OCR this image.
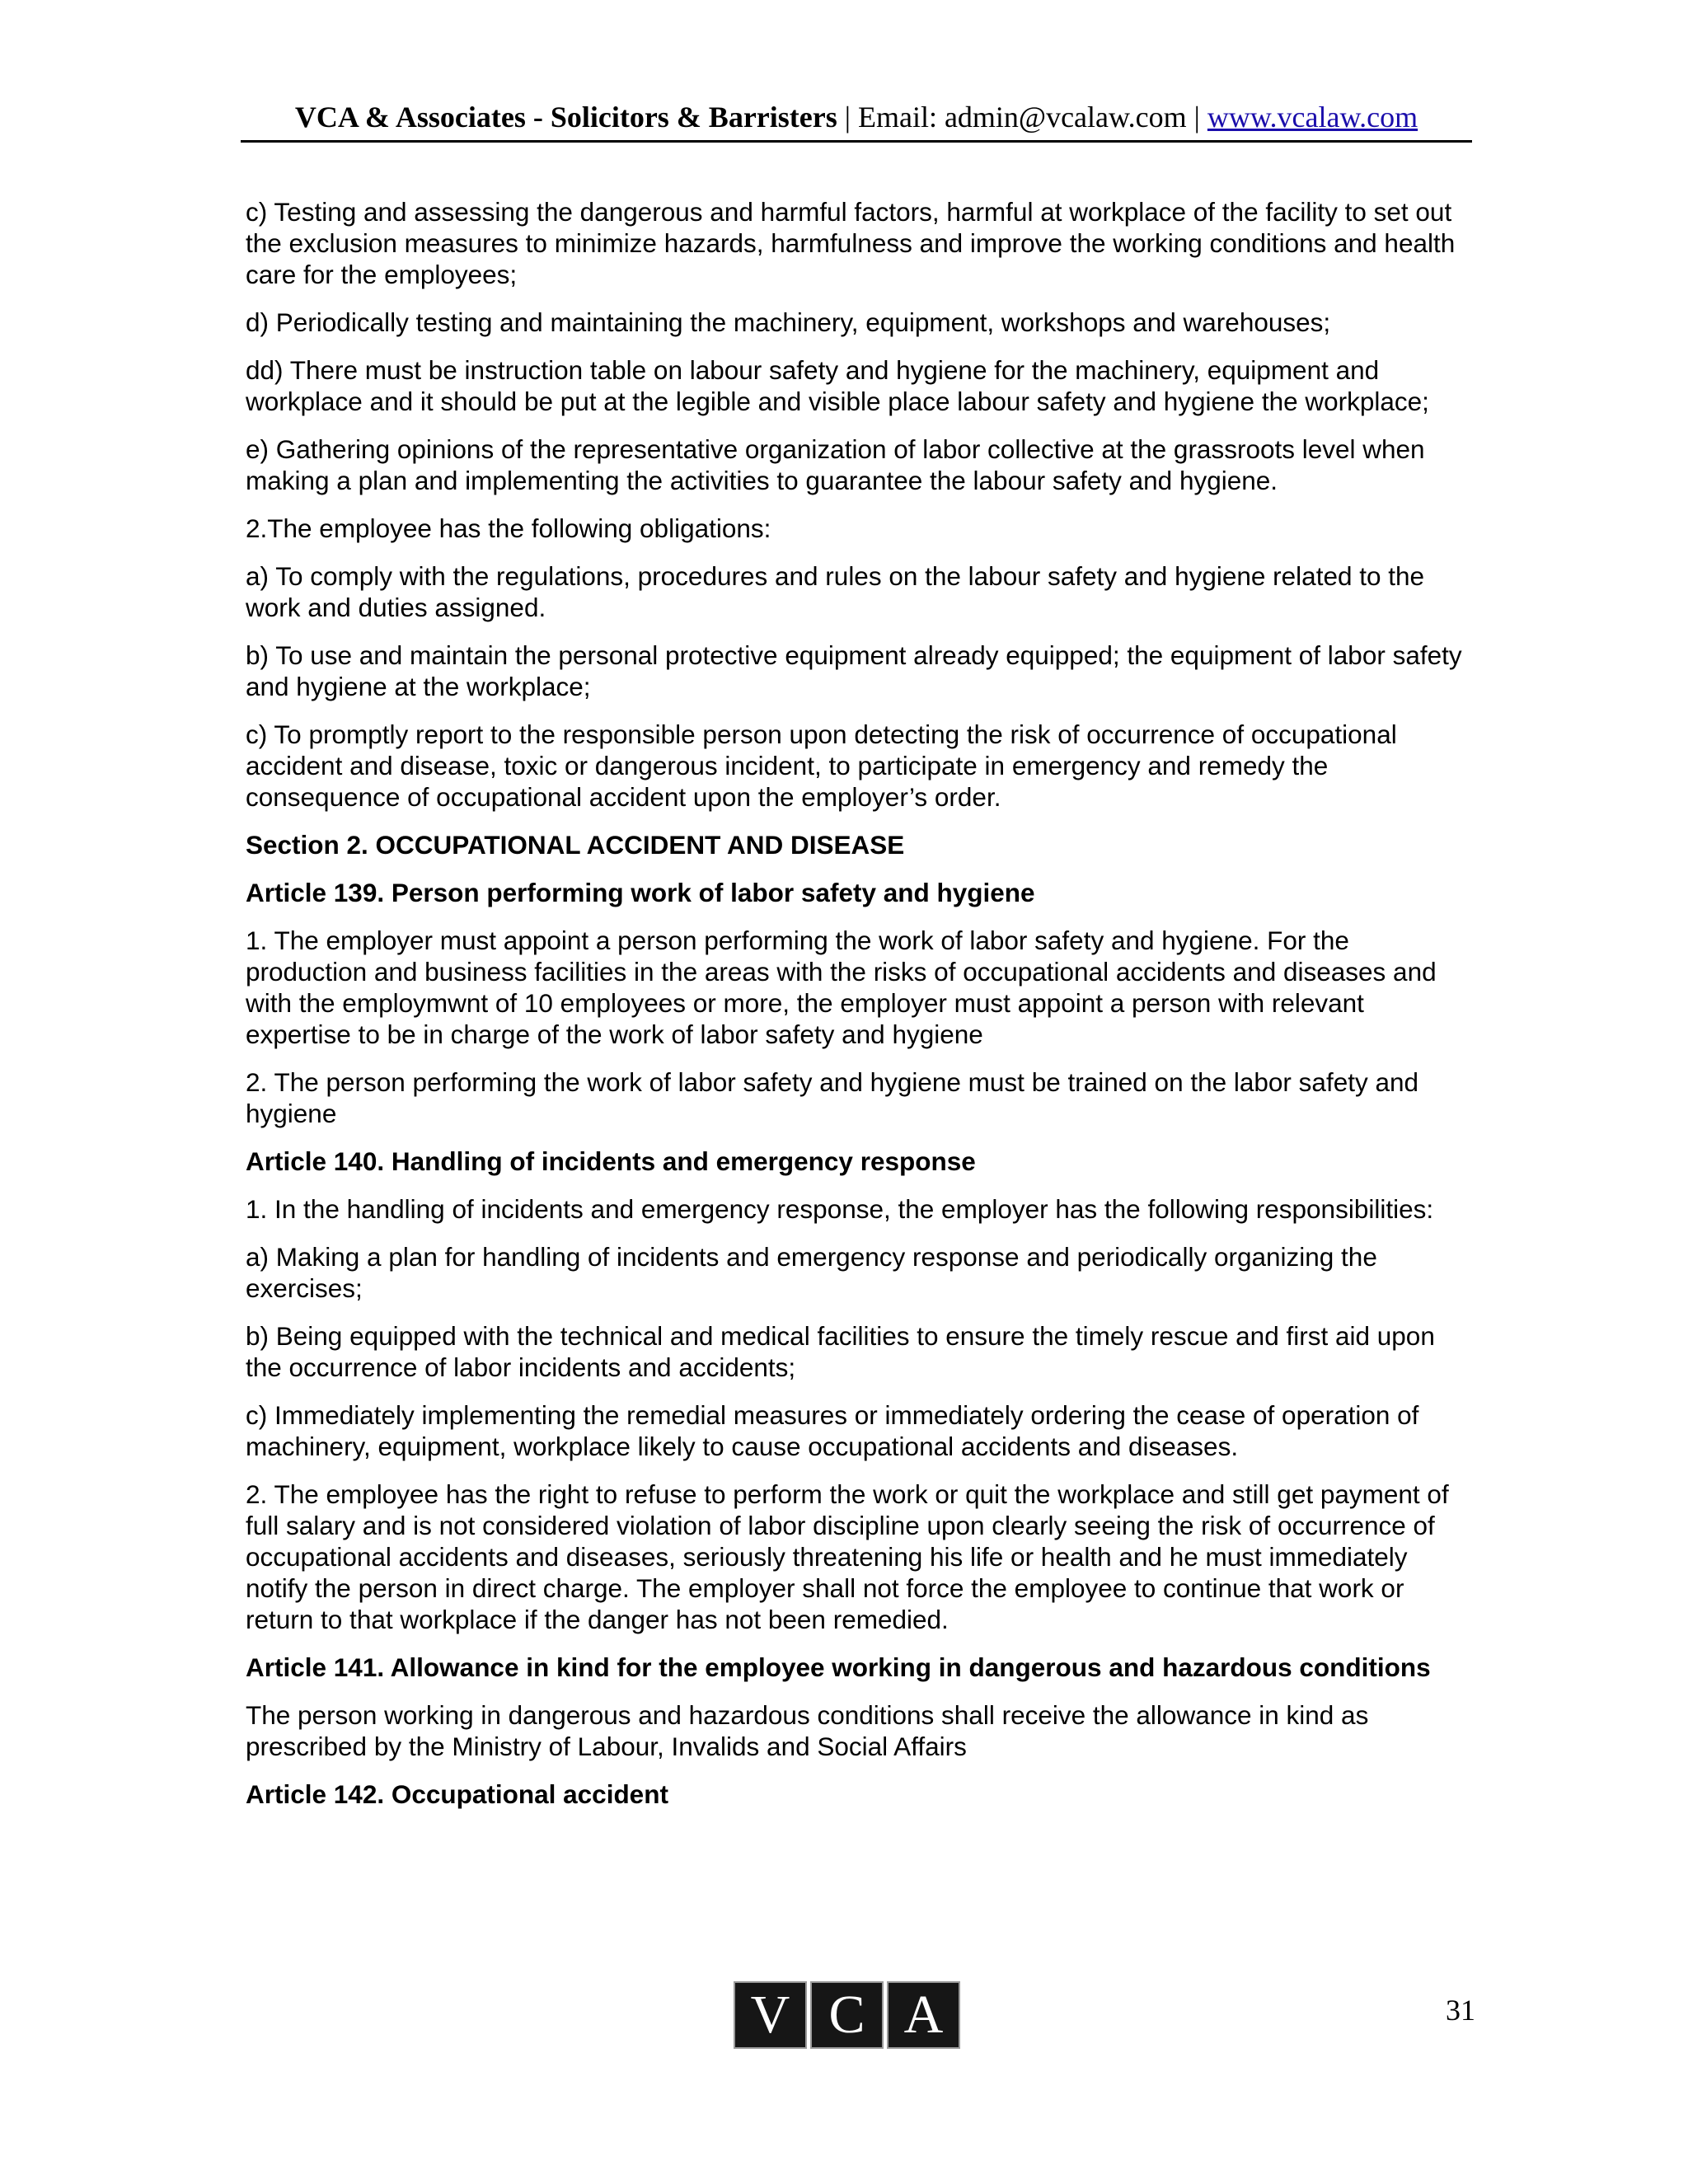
VCA & Associates - Solicitors & Barristers | Email: admin@vcalaw.com | www.vcalaw.com

c) Testing and assessing the dangerous and harmful factors, harmful at workplace of the facility to set out the exclusion measures to minimize hazards, harmfulness and improve the working conditions and health care for the employees;

d) Periodically testing and maintaining the machinery, equipment, workshops and warehouses;

dd) There must be instruction table on labour safety and hygiene for the machinery, equipment and workplace and it should be put at the legible and visible place labour safety and hygiene the workplace;

e) Gathering opinions of the representative organization of labor collective at the grassroots level when making a plan and implementing the activities to guarantee the labour safety and hygiene.

2.The employee has the following obligations:

a) To comply with the regulations, procedures and rules on the labour safety and hygiene related to the work and duties assigned.

b) To use and maintain the personal protective equipment already equipped; the equipment of labor safety and hygiene at the workplace;

c) To promptly report to the responsible person upon detecting the risk of occurrence of occupational accident and disease, toxic or dangerous incident, to participate in emergency and remedy the consequence of occupational accident upon the employer’s order.

Section 2. OCCUPATIONAL ACCIDENT AND DISEASE

Article 139. Person performing work of labor safety and hygiene

1. The employer must appoint a person performing the work of labor safety and hygiene. For the production and business facilities in the areas with the risks of occupational accidents and diseases and with the employmwnt of 10 employees or more, the employer must appoint a person with relevant expertise to be in charge of the work of labor safety and hygiene

2. The person performing the work of labor safety and hygiene must be trained on the labor safety and hygiene

Article 140. Handling of incidents and emergency response

1. In the handling of incidents and emergency response, the employer has the following responsibilities:

a) Making a plan for handling of incidents and emergency response and periodically organizing the exercises;

b) Being equipped with the technical and medical facilities to ensure the timely rescue and first aid upon the occurrence of labor incidents and accidents;

c) Immediately implementing the remedial measures or immediately ordering the cease of operation of machinery, equipment, workplace likely to cause occupational accidents and diseases.

2. The employee has the right to refuse to perform the work or quit the workplace and still get payment of full salary and is not considered violation of labor discipline upon clearly seeing the risk of occurrence of occupational accidents and diseases, seriously threatening his life or health and he must immediately notify the person in direct charge. The employer shall not force the employee to continue that work or return to that workplace if the danger has not been remedied.

Article 141. Allowance in kind for the employee working in dangerous and hazardous conditions

The person working in dangerous and hazardous conditions shall receive the allowance in kind as prescribed by the Ministry of Labour, Invalids and Social Affairs

Article 142. Occupational accident

V C A	31
